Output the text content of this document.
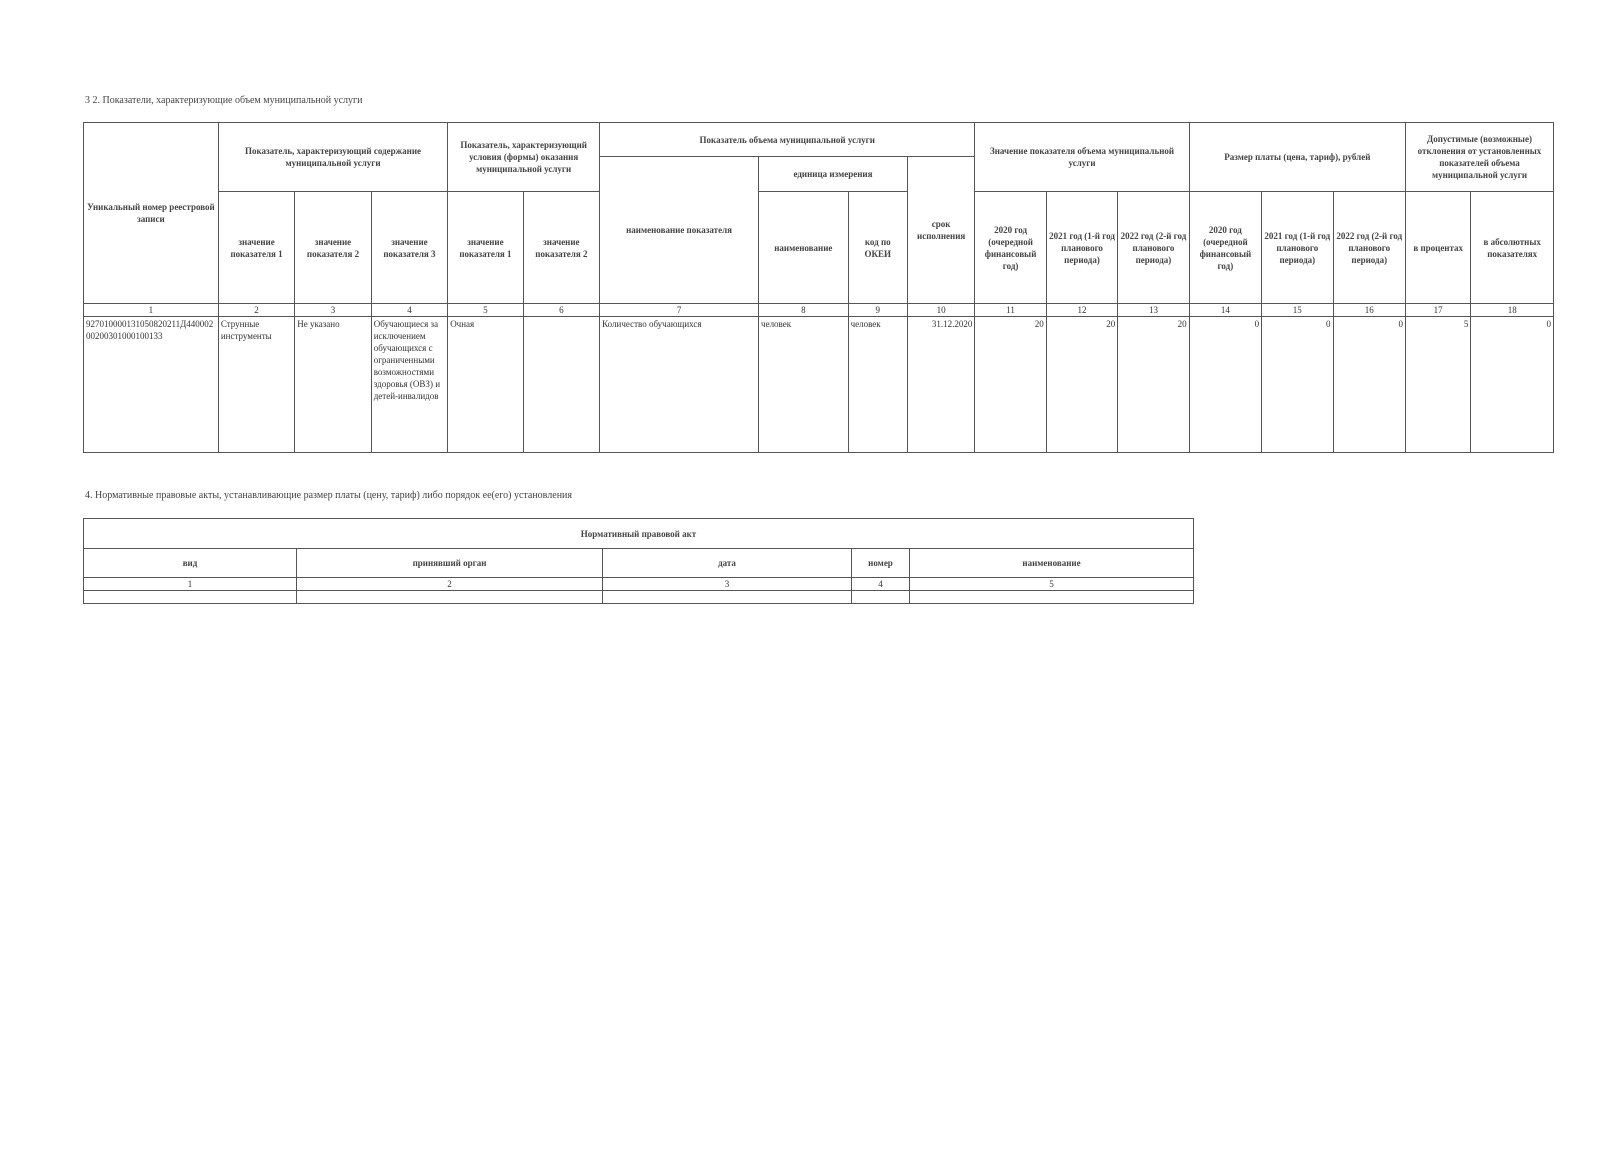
3 2. Показатели, характеризующие объем муниципальной услуги
Уникальный номер реестровой записи	Показатель, характеризующий содержание муниципальной услуги			Показатель, характеризующий условия (формы) оказания муниципальной услуги		Показатель объема муниципальной услуги				Значение показателя объема муниципальной услуги			Размер платы (цена, тариф), рублей			Допустимые (возможные) отклонения от установленных показателей объема муниципальной услуги	
						наименование показателя	единица измерения		срок исполнения								
	значение показателя 1	значение показателя 2	значение показателя 3	значение показателя 1	значение показателя 2		наименование	код по ОКЕИ		2020 год (очередной финансовый год)	2021 год (1-й год планового периода)	2022 год (2-й год планового периода)	2020 год (очередной финансовый год)	2021 год (1-й год планового периода)	2022 год (2-й год планового периода)	в процентах	в абсолютных показателях
1	2	3	4	5	6	7	8	9	10	11	12	13	14	15	16	17	18
927010000131050820211Д44000200200301000100133	Струнные инструменты	Не указано	Обучающиеся за исключением обучающихся с ограниченными возможностями здоровья (ОВЗ) и детей-инвалидов	Очная		Количество обучающихся	человек	человек	31.12.2020	20	20	20	0	0	0	5	0
4. Нормативные правовые акты, устанавливающие размер платы (цену, тариф) либо порядок ее(его) установления
Нормативный правовой акт				
вид	принявший орган	дата	номер	наименование
1	2	3	4	5
